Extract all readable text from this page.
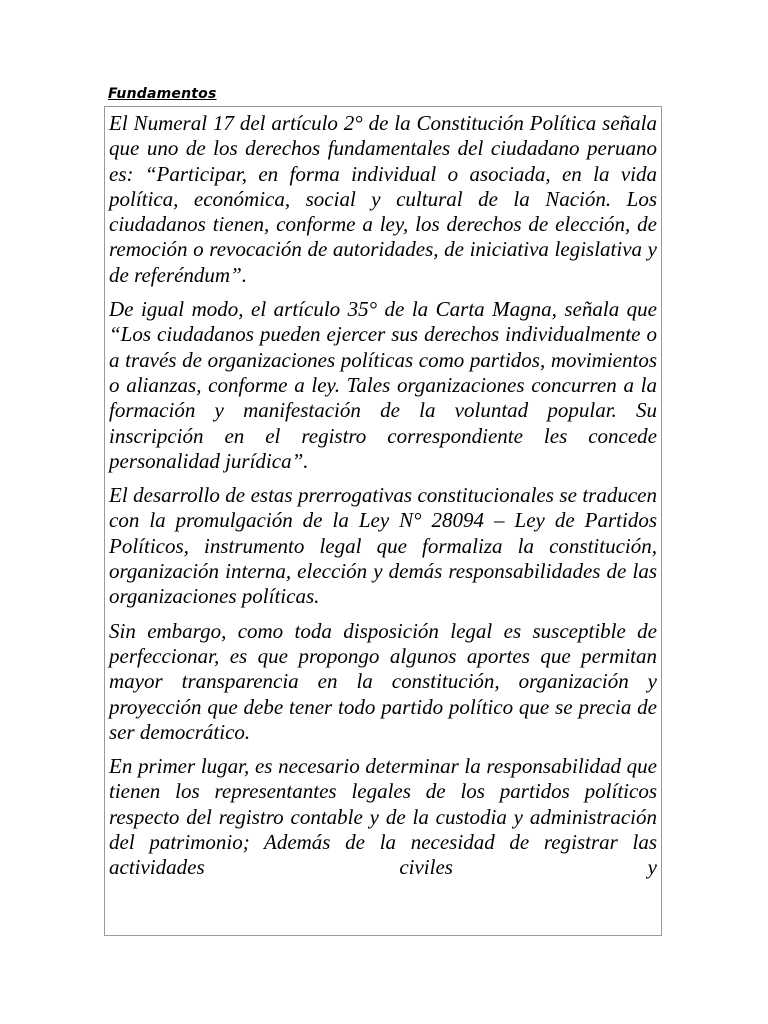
Fundamentos

El Numeral 17 del artículo 2° de la Constitución Política señala que uno de los derechos fundamentales del ciudadano peruano es: “Participar, en forma individual o asociada, en la vida política, económica, social y cultural de la Nación. Los ciudadanos tienen, conforme a ley, los derechos de elección, de remoción o revocación de autoridades, de iniciativa legislativa y de referéndum”.

De igual modo, el artículo 35° de la Carta Magna, señala que “Los ciudadanos pueden ejercer sus derechos individualmente o a través de organizaciones políticas como partidos, movimientos o alianzas, conforme a ley. Tales organizaciones concurren a la formación y manifestación de la voluntad popular. Su inscripción en el registro correspondiente les concede personalidad jurídica”.

El desarrollo de estas prerrogativas constitucionales se traducen con la promulgación de la Ley N° 28094 – Ley de Partidos Políticos, instrumento legal que formaliza la constitución, organización interna, elección y demás responsabilidades de las organizaciones políticas.

Sin embargo, como toda disposición legal es susceptible de perfeccionar, es que propongo algunos aportes que permitan mayor transparencia en la constitución, organización y proyección que debe tener todo partido político que se precia de ser democrático.

En primer lugar, es necesario determinar la responsabilidad que tienen los representantes legales de los partidos políticos respecto del registro contable y de la custodia y administración del patrimonio; Además de la necesidad de registrar las actividades civiles y
